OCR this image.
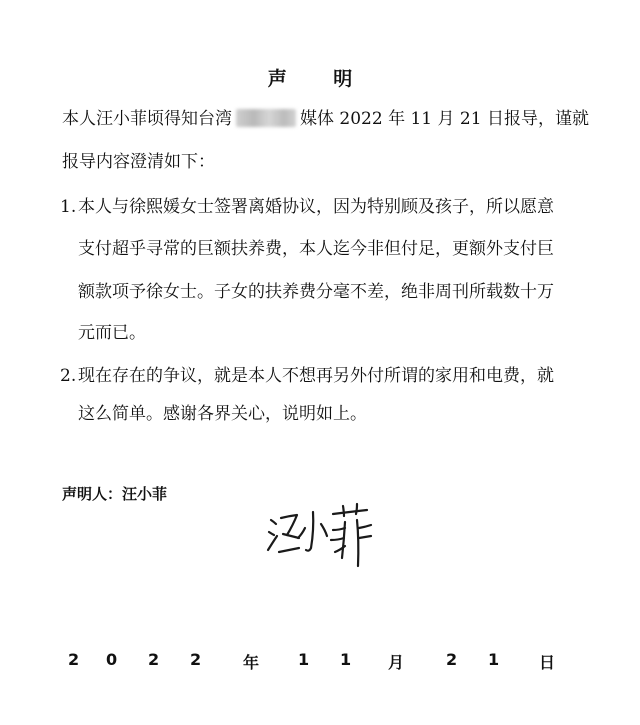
声 明
本人汪小菲顷得知台湾	媒体 2022 年 11 月 21 日报导，谨就
报导内容澄清如下：
1. 本人与徐熙媛女士签署离婚协议，因为特别顾及孩子，所以愿意
支付超乎寻常的巨额扶养费，本人迄今非但付足，更额外支付巨
额款项予徐女士。子女的扶养费分毫不差，绝非周刊所载数十万
元而已。
2. 现在存在的争议，就是本人不想再另外付所谓的家用和电费，就
这么简单。感谢各界关心，说明如上。
声明人：汪小菲
2 0 2 2	年 1 1 月	2 1 日
